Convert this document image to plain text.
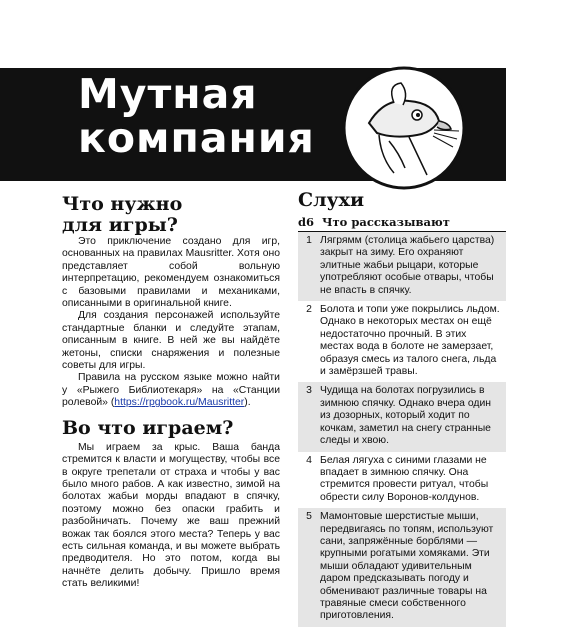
Мутная
компания
Что нужно
для игры?

Это приключение создано для игр, основанных на правилах Mausritter. Хотя оно представляет собой вольную интерпретацию, рекомендуем ознакомиться с базовыми правилами и механиками, описанными в оригинальной книге.

Для создания персонажей используйте стандартные бланки и следуйте этапам, описанным в книге. В ней же вы найдёте жетоны, списки снаряжения и полезные советы для игры.

Правила на русском языке можно найти у «Рыжего Библиотекаря» на «Станции ролевой» (https://rpgbook.ru/Mausritter).

Во что играем?

Мы играем за крыс. Ваша банда стремится к власти и могуществу, чтобы все в округе трепетали от страха и чтобы у вас было много рабов. А как известно, зимой на болотах жабьи морды впадают в спячку, поэтому можно без опаски грабить и разбойничать. Почему же ваш прежний вожак так боялся этого места? Теперь у вас есть сильная команда, и вы можете выбрать предводителя. Но это потом, когда вы начнёте делить добычу. Пришло время стать великими!

Слухи
d6 Что рассказывают
1 Лягрямм (столица жабьего царства) закрыт на зиму. Его охраняют элитные жабьи рыцари, которые употребляют особые отвары, чтобы не впасть в спячку.
2 Болота и топи уже покрылись льдом. Однако в некоторых местах он ещё недостаточно прочный. В этих местах вода в болоте не замерзает, образуя смесь из талого снега, льда и замёрзшей травы.
3 Чудища на болотах погрузились в зимнюю спячку. Однако вчера один из дозорных, который ходит по кочкам, заметил на снегу странные следы и хвою.
4 Белая лягуха с синими глазами не впадает в зимнюю спячку. Она стремится провести ритуал, чтобы обрести силу Воронов-колдунов.
5 Мамонтовые шерстистые мыши, передвигаясь по топям, используют сани, запряжённые борблями — крупными рогатыми хомяками. Эти мыши обладают удивительным даром предсказывать погоду и обменивают различные товары на травяные смеси собственного приготовления.
